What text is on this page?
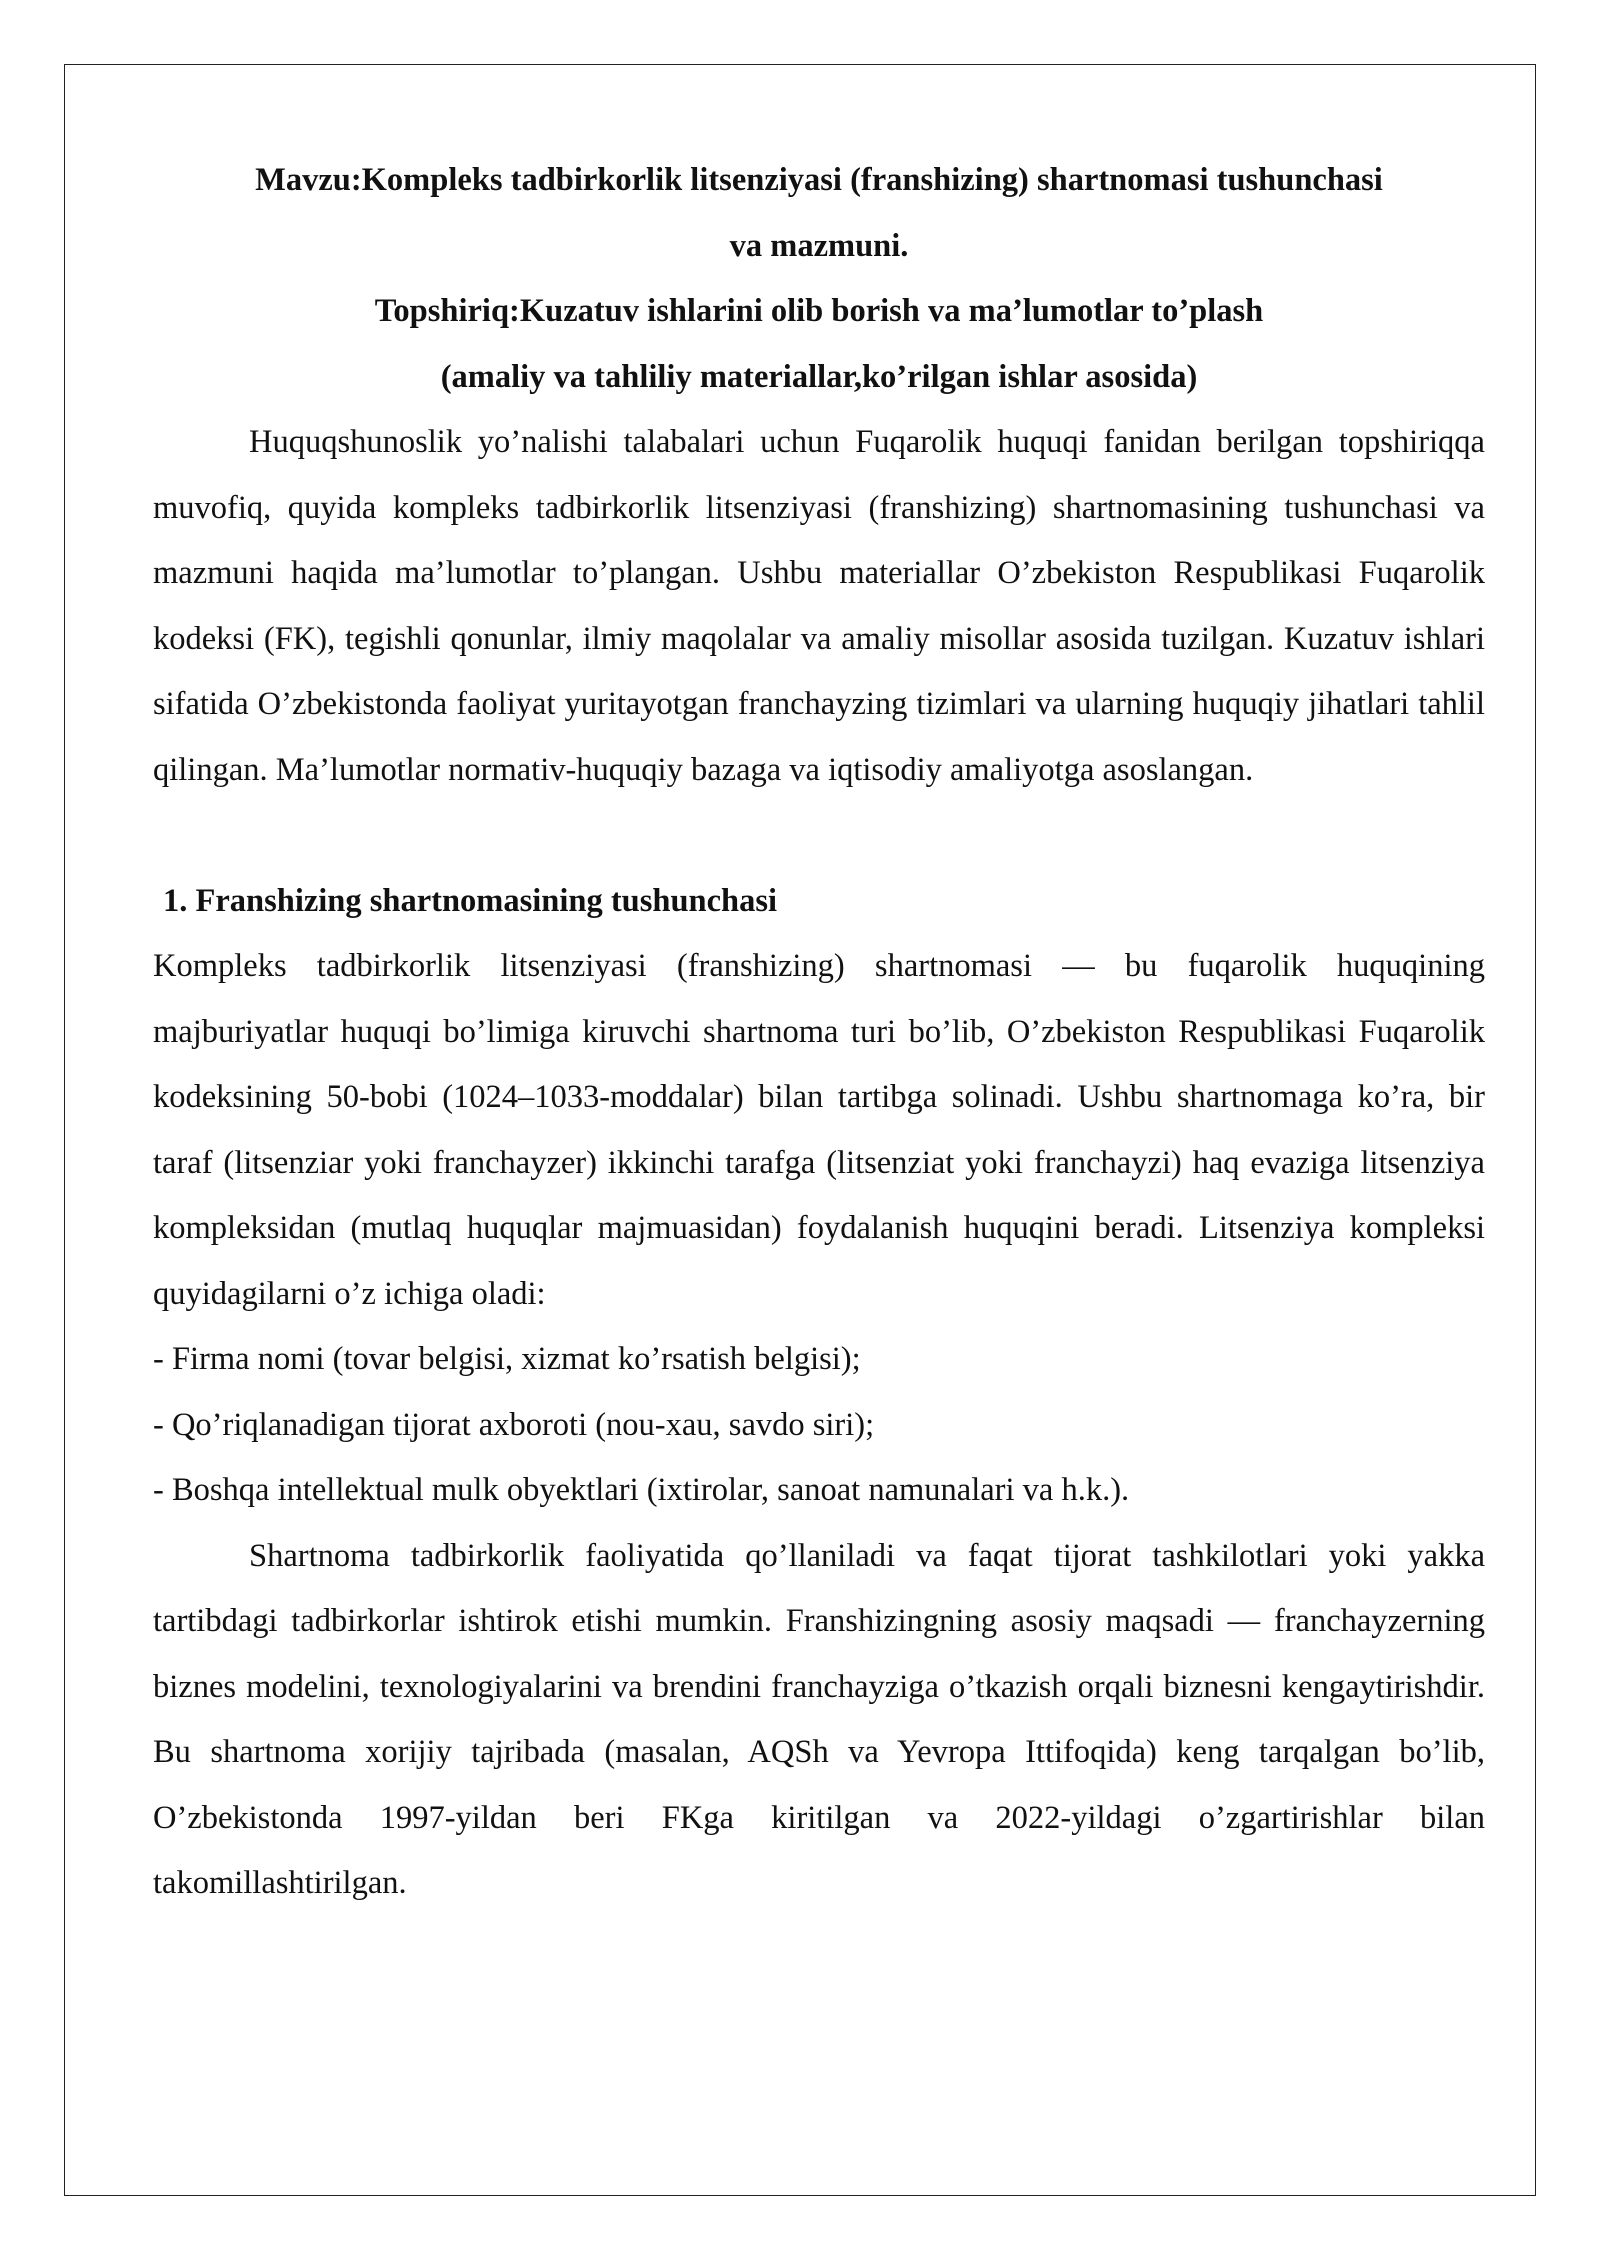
Mavzu:Kompleks tadbirkorlik litsenziyasi (franshizing) shartnomasi tushunchasi

va mazmuni.

Topshiriq:Kuzatuv ishlarini olib borish va ma’lumotlar to’plash

(amaliy va tahliliy materiallar,ko’rilgan ishlar asosida)

Huquqshunoslik yo’nalishi talabalari uchun Fuqarolik huquqi fanidan berilgan topshiriqqa muvofiq, quyida kompleks tadbirkorlik litsenziyasi (franshizing) shartnomasining tushunchasi va mazmuni haqida ma’lumotlar to’plangan. Ushbu materiallar O’zbekiston Respublikasi Fuqarolik kodeksi (FK), tegishli qonunlar, ilmiy maqolalar va amaliy misollar asosida tuzilgan. Kuzatuv ishlari sifatida O’zbekistonda faoliyat yuritayotgan franchayzing tizimlari va ularning huquqiy jihatlari tahlil qilingan. Ma’lumotlar normativ-huquqiy bazaga va iqtisodiy amaliyotga asoslangan.

1. Franshizing shartnomasining tushunchasi

Kompleks tadbirkorlik litsenziyasi (franshizing) shartnomasi — bu fuqarolik huquqining majburiyatlar huquqi bo’limiga kiruvchi shartnoma turi bo’lib, O’zbekiston Respublikasi Fuqarolik kodeksining 50-bobi (1024–1033-moddalar) bilan tartibga solinadi. Ushbu shartnomaga ko’ra, bir taraf (litsenziar yoki franchayzer) ikkinchi tarafga (litsenziat yoki franchayzi) haq evaziga litsenziya kompleksidan (mutlaq huquqlar majmuasidan) foydalanish huquqini beradi. Litsenziya kompleksi quyidagilarni o’z ichiga oladi:

- Firma nomi (tovar belgisi, xizmat ko’rsatish belgisi);

- Qo’riqlanadigan tijorat axboroti (nou-xau, savdo siri);

- Boshqa intellektual mulk obyektlari (ixtirolar, sanoat namunalari va h.k.).

Shartnoma tadbirkorlik faoliyatida qo’llaniladi va faqat tijorat tashkilotlari yoki yakka tartibdagi tadbirkorlar ishtirok etishi mumkin. Franshizingning asosiy maqsadi — franchayzerning biznes modelini, texnologiyalarini va brendini franchayziga o’tkazish orqali biznesni kengaytirishdir. Bu shartnoma xorijiy tajribada (masalan, AQSh va Yevropa Ittifoqida) keng tarqalgan bo’lib, O’zbekistonda 1997-yildan beri FKga kiritilgan va 2022-yildagi o’zgartirishlar bilan takomillashtirilgan.
